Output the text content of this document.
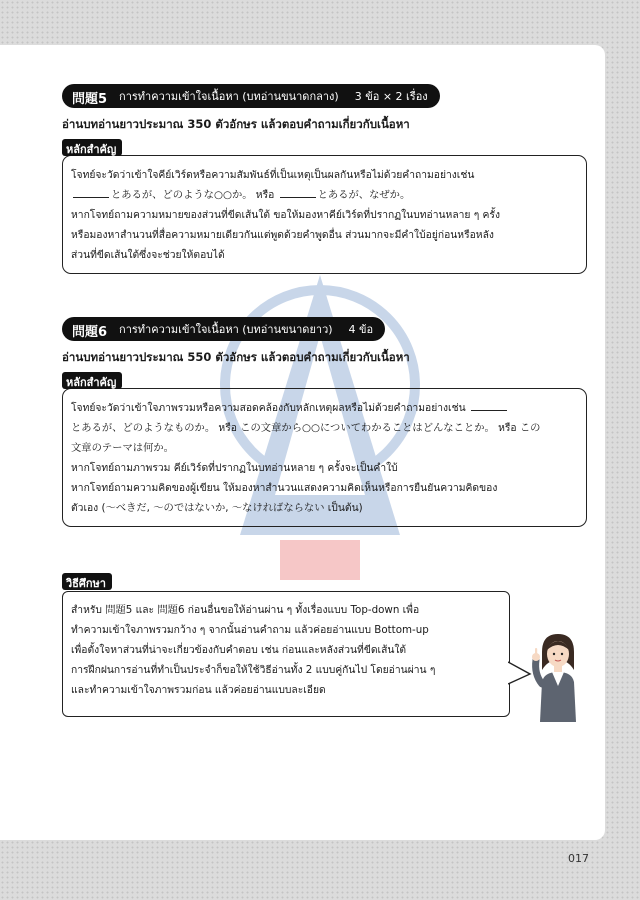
もん だい
問題5 การทำความเข้าใจเนื้อหา (บทอ่านขนาดกลาง) 3 ข้อ × 2 เรื่อง
อ่านบทอ่านยาวประมาณ 350 ตัวอักษร แล้วตอบคำถามเกี่ยวกับเนื้อหา
หลักสำคัญ

โจทย์จะวัดว่าเข้าใจคีย์เวิร์ดหรือความสัมพันธ์ที่เป็นเหตุเป็นผลกันหรือไม่ด้วยคำถามอย่างเช่น

とあるが、どのような○○か。 หรือ	とあるが、なぜか。

หากโจทย์ถามความหมายของส่วนที่ขีดเส้นใต้ ขอให้มองหาคีย์เวิร์ดที่ปรากฏในบทอ่านหลาย ๆ ครั้ง

หรือมองหาสำนวนที่สื่อความหมายเดียวกันแต่พูดด้วยคำพูดอื่น ส่วนมากจะมีคำใบ้อยู่ก่อนหรือหลัง

ส่วนที่ขีดเส้นใต้ซึ่งจะช่วยให้ตอบได้

もん だい
問題6 การทำความเข้าใจเนื้อหา (บทอ่านขนาดยาว) 4 ข้อ
อ่านบทอ่านยาวประมาณ 550 ตัวอักษร แล้วตอบคำถามเกี่ยวกับเนื้อหา
หลักสำคัญ

โจทย์จะวัดว่าเข้าใจภาพรวมหรือความสอดคล้องกับหลักเหตุผลหรือไม่ด้วยคำถามอย่างเช่น

とあるが、どのようなものか。 หรือ この文章から○○についてわかることはどんなことか。 หรือ この

文章のテーマは何か。

หากโจทย์ถามภาพรวม คีย์เวิร์ดที่ปรากฏในบทอ่านหลาย ๆ ครั้งจะเป็นคำใบ้

หากโจทย์ถามความคิดของผู้เขียน ให้มองหาสำนวนแสดงความคิดเห็นหรือการยืนยันความคิดของ

ตัวเอง (〜べきだ, 〜のではないか, 〜なければならない เป็นต้น)

วิธีศึกษา

สำหรับ 問題5 และ 問題6 ก่อนอื่นขอให้อ่านผ่าน ๆ ทั้งเรื่องแบบ Top-down เพื่อ

ทำความเข้าใจภาพรวมกว้าง ๆ จากนั้นอ่านคำถาม แล้วค่อยอ่านแบบ Bottom-up

เพื่อตั้งใจหาส่วนที่น่าจะเกี่ยวข้องกับคำตอบ เช่น ก่อนและหลังส่วนที่ขีดเส้นใต้

การฝึกฝนการอ่านที่ทำเป็นประจำก็ขอให้ใช้วิธีอ่านทั้ง 2 แบบคู่กันไป โดยอ่านผ่าน ๆ

และทำความเข้าใจภาพรวมก่อน แล้วค่อยอ่านแบบละเอียด

017
